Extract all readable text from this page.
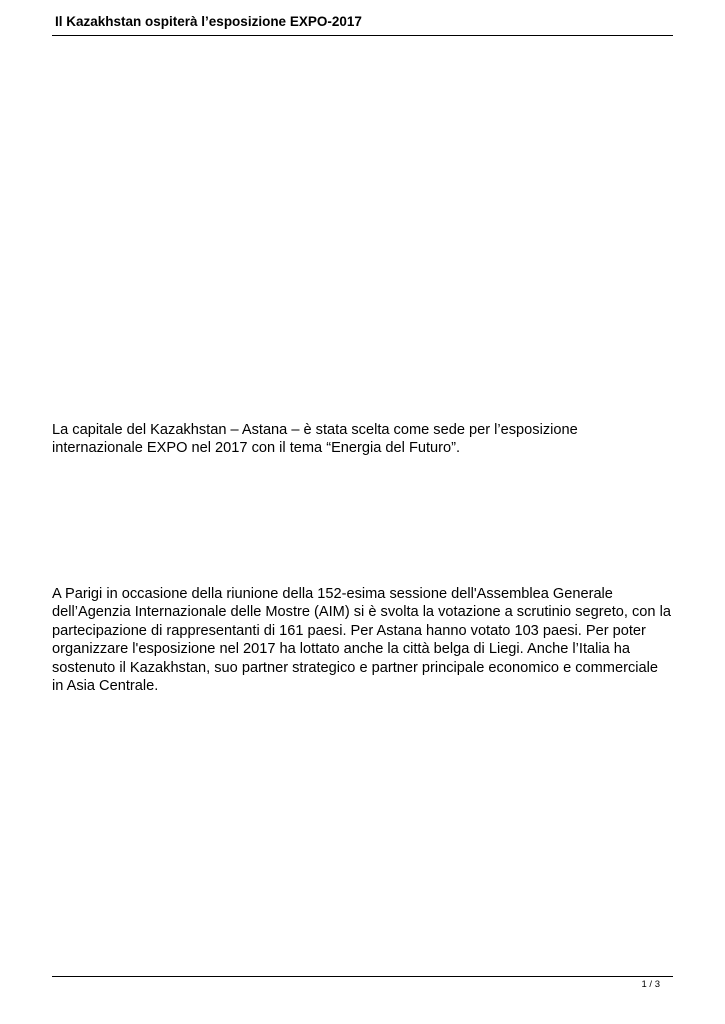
Il Kazakhstan ospiterà l’esposizione EXPO-2017
La capitale del Kazakhstan – Astana – è stata scelta come sede per l’esposizione
internazionale EXPO nel 2017 con il tema “Energia del Futuro”.
A Parigi in occasione della riunione della 152-esima sessione dell'Assemblea Generale
dell’Agenzia Internazionale delle Mostre (AIM) si è svolta la votazione a scrutinio segreto, con la
partecipazione di rappresentanti di 161 paesi. Per Astana hanno votato 103 paesi. Per poter
organizzare l'esposizione nel 2017 ha lottato anche la città belga di Liegi. Anche l’Italia ha
sostenuto il Kazakhstan, suo partner strategico e partner principale economico e commerciale
in Asia Centrale.
1 / 3
